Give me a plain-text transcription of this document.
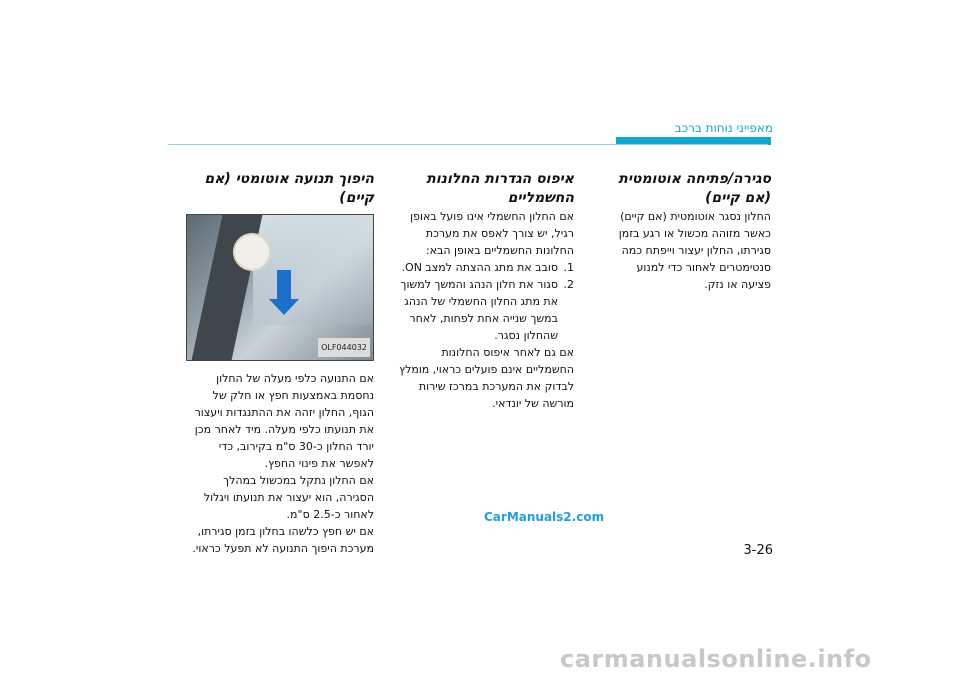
מאפייני נוחות ברכב
סגירה/פתיחה אוטומטית
(אם קיים)

החלון נסגר אוטומטית (אם קיים) כאשר מזוהה מכשול או רגע בזמן סגירתו, החלון יעצור וייפתח כמה סנטימטרים לאחור כדי למנוע פציעה או נזק.

איפוס הגדרות החלונות החשמליים

אם החלון החשמלי אינו פועל באופן רגיל, יש צורך לאפס את מערכת החלונות החשמליים באופן הבא:

1.
סובב את מתג ההצתה למצב ON.
2.
סגור את חלון הנהג והמשך למשוך את מתג החלון החשמלי של הנהג במשך שנייה אחת לפחות, לאחר שהחלון נסגר.

אם גם לאחר איפוס החלונות החשמליים אינם פועלים כראוי, מומלץ לבדוק את המערכת במרכז שירות מורשה של יונדאי.

היפוך תנועה אוטומטי (אם קיים)
OLF044032

אם התנועה כלפי מעלה של החלון נחסמת באמצעות חפץ או חלק של הגוף, החלון יזהה את ההתנגדות ויעצור את תנועתו כלפי מעלה. מיד לאחר מכן יורד החלון כ-30 ס"מ בקירוב, כדי לאפשר את פינוי החפץ.

אם החלון נתקל במכשול במהלך הסגירה, הוא יעצור את תנועתו ויגלול לאחור כ-2.5 ס"מ.

אם יש חפץ כלשהו בחלון בזמן סגירתו, מערכת היפוך התנועה לא תפעל כראוי.	3-26
CarManuals2.com
carmanualsonline.info
